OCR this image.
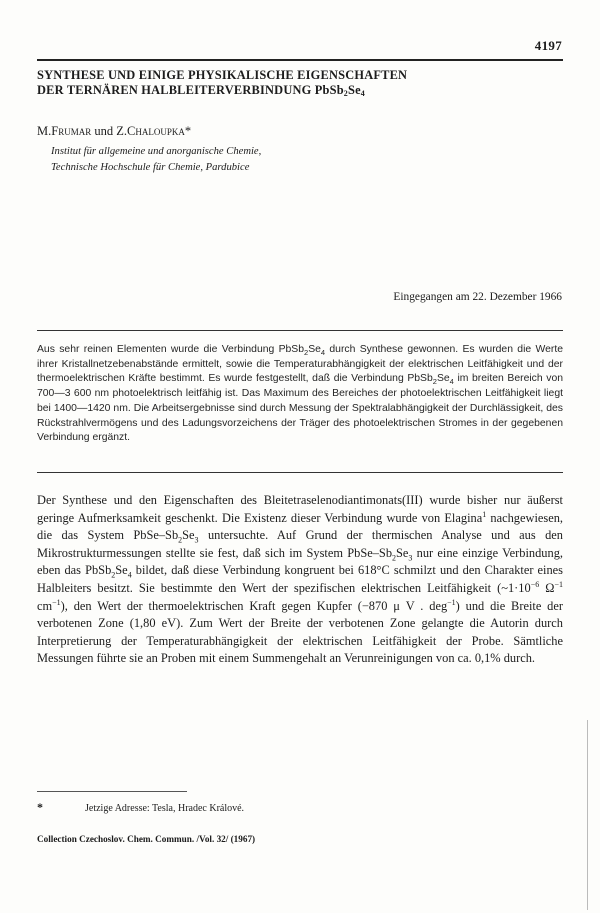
4197
SYNTHESE UND EINIGE PHYSIKALISCHE EIGENSCHAFTEN
DER TERNÄREN HALBLEITERVERBINDUNG $PbSb_2Se_4$
M.Frumar und Z.Chaloupka*
Institut für allgemeine und anorganische Chemie,
Technische Hochschule für Chemie, Pardubice
Eingegangen am 22. Dezember 1966
Aus sehr reinen Elementen wurde die Verbindung $PbSb_2Se_4$ durch Synthese gewonnen. Es wurden die Werte ihrer Kristallnetzebenabstände ermittelt, sowie die Temperaturabhängigkeit der elektrischen Leitfähigkeit und der thermoelektrischen Kräfte bestimmt. Es wurde festgestellt, daß die Verbindung $PbSb_2Se_4$ im breiten Bereich von 700—3 600 nm photoelektrisch leitfähig ist. Das Maximum des Bereiches der photoelektrischen Leitfähigkeit liegt bei 1400—1420 nm. Die Arbeitsergebnisse sind durch Messung der Spektralabhängigkeit der Durchlässigkeit, des Rückstrahlvermögens und des Ladungsvorzeichens der Träger des photoelektrischen Stromes in der gegebenen Verbindung ergänzt.
Der Synthese und den Eigenschaften des Bleitetraselenodiantimonats(III) wurde bisher nur äußerst geringe Aufmerksamkeit geschenkt. Die Existenz dieser Verbindung wurde von Elagina$^1$ nachgewiesen, die das System PbSe–$Sb_2Se_3$ untersuchte. Auf Grund der thermischen Analyse und aus den Mikrostrukturmessungen stellte sie fest, daß sich im System PbSe–$Sb_2Se_3$ nur eine einzige Verbindung, eben das $PbSb_2Se_4$ bildet, daß diese Verbindung kongruent bei 618°C schmilzt und den Charakter eines Halbleiters besitzt. Sie bestimmte den Wert der spezifischen elektrischen Leitfähigkeit ($\sim 1\cdot 10^{-6}$ $\Omega^{-1}$ $cm^{-1}$), den Wert der thermoelektrischen Kraft gegen Kupfer (−870 μ V . deg$^{-1}$) und die Breite der verbotenen Zone (1,80 eV). Zum Wert der Breite der verbotenen Zone gelangte die Autorin durch Interpretierung der Temperaturabhängigkeit der elektrischen Leitfähigkeit der Probe. Sämtliche Messungen führte sie an Proben mit einem Summengehalt an Verunreinigungen von ca. 0,1% durch.
*	Jetzige Adresse: Tesla, Hradec Králové.
Collection Czechoslov. Chem. Commun. /Vol. 32/ (1967)
